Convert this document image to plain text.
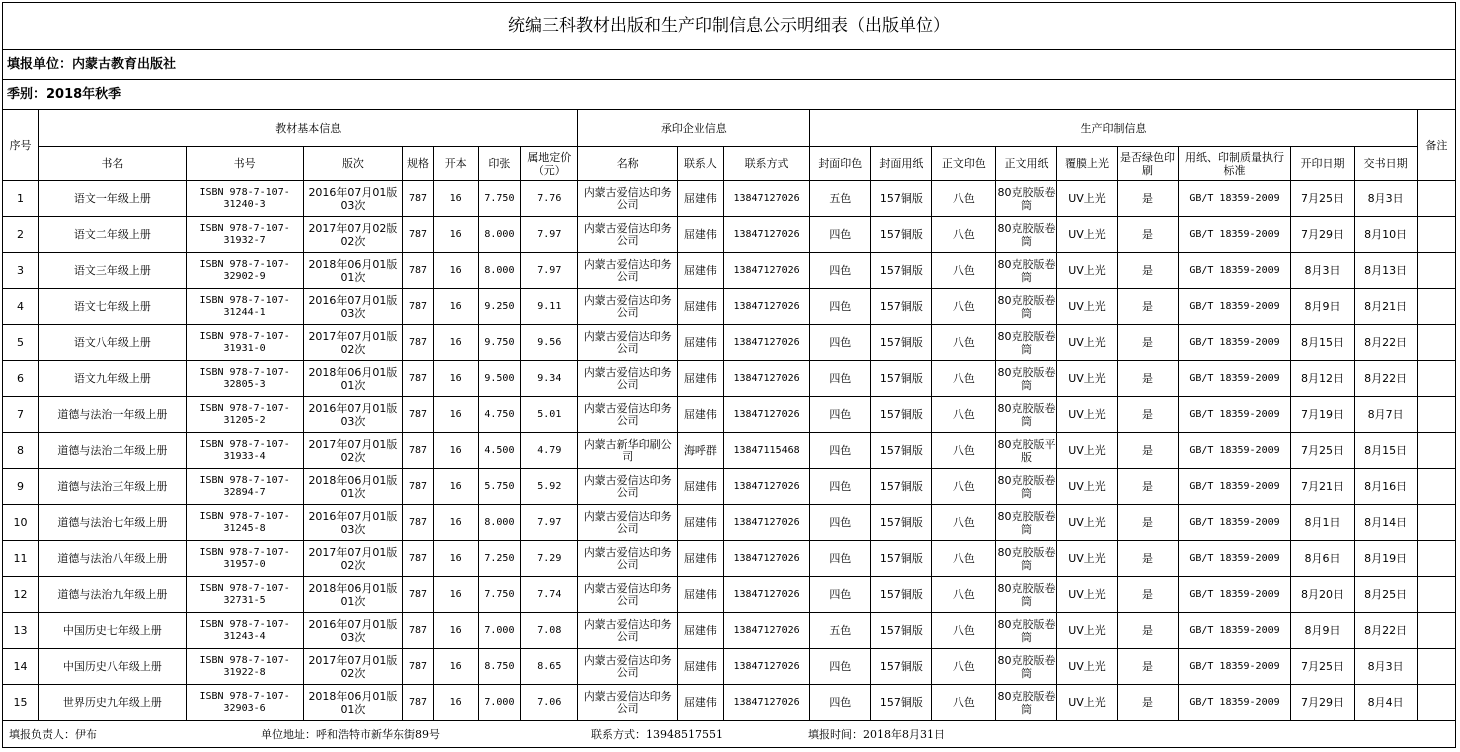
统编三科教材出版和生产印制信息公示明细表（出版单位）
填报单位：内蒙古教育出版社
季别：2018年秋季
序号	教材基本信息							承印企业信息			生产印制信息									备注
	书名	书号	版次	规格	开本	印张	属地定价（元）	名称	联系人	联系方式	封面印色	封面用纸	正文印色	正文用纸	覆膜上光	是否绿色印刷	用纸、印制质量执行标准	开印日期	交书日期	
1	语文一年级上册	ISBN 978-7-107-31240-3	2016年07月01版03次	787	16	7.750	7.76	内蒙古爱信达印务公司	屈建伟	13847127026	五色	157铜版	八色	80克胶版卷筒	UV上光	是	GB/T 18359-2009	7月25日	8月3日	
2	语文二年级上册	ISBN 978-7-107-31932-7	2017年07月02版02次	787	16	8.000	7.97	内蒙古爱信达印务公司	屈建伟	13847127026	四色	157铜版	八色	80克胶版卷筒	UV上光	是	GB/T 18359-2009	7月29日	8月10日	
3	语文三年级上册	ISBN 978-7-107-32902-9	2018年06月01版01次	787	16	8.000	7.97	内蒙古爱信达印务公司	屈建伟	13847127026	四色	157铜版	八色	80克胶版卷筒	UV上光	是	GB/T 18359-2009	8月3日	8月13日	
4	语文七年级上册	ISBN 978-7-107-31244-1	2016年07月01版03次	787	16	9.250	9.11	内蒙古爱信达印务公司	屈建伟	13847127026	四色	157铜版	八色	80克胶版卷筒	UV上光	是	GB/T 18359-2009	8月9日	8月21日	
5	语文八年级上册	ISBN 978-7-107-31931-0	2017年07月01版02次	787	16	9.750	9.56	内蒙古爱信达印务公司	屈建伟	13847127026	四色	157铜版	八色	80克胶版卷筒	UV上光	是	GB/T 18359-2009	8月15日	8月22日	
6	语文九年级上册	ISBN 978-7-107-32805-3	2018年06月01版01次	787	16	9.500	9.34	内蒙古爱信达印务公司	屈建伟	13847127026	四色	157铜版	八色	80克胶版卷筒	UV上光	是	GB/T 18359-2009	8月12日	8月22日	
7	道德与法治一年级上册	ISBN 978-7-107-31205-2	2016年07月01版03次	787	16	4.750	5.01	内蒙古爱信达印务公司	屈建伟	13847127026	四色	157铜版	八色	80克胶版卷筒	UV上光	是	GB/T 18359-2009	7月19日	8月7日	
8	道德与法治二年级上册	ISBN 978-7-107-31933-4	2017年07月01版02次	787	16	4.500	4.79	内蒙古新华印刷公司	海呼群	13847115468	四色	157铜版	八色	80克胶版平版	UV上光	是	GB/T 18359-2009	7月25日	8月15日	
9	道德与法治三年级上册	ISBN 978-7-107-32894-7	2018年06月01版01次	787	16	5.750	5.92	内蒙古爱信达印务公司	屈建伟	13847127026	四色	157铜版	八色	80克胶版卷筒	UV上光	是	GB/T 18359-2009	7月21日	8月16日	
10	道德与法治七年级上册	ISBN 978-7-107-31245-8	2016年07月01版03次	787	16	8.000	7.97	内蒙古爱信达印务公司	屈建伟	13847127026	四色	157铜版	八色	80克胶版卷筒	UV上光	是	GB/T 18359-2009	8月1日	8月14日	
11	道德与法治八年级上册	ISBN 978-7-107-31957-0	2017年07月01版02次	787	16	7.250	7.29	内蒙古爱信达印务公司	屈建伟	13847127026	四色	157铜版	八色	80克胶版卷筒	UV上光	是	GB/T 18359-2009	8月6日	8月19日	
12	道德与法治九年级上册	ISBN 978-7-107-32731-5	2018年06月01版01次	787	16	7.750	7.74	内蒙古爱信达印务公司	屈建伟	13847127026	四色	157铜版	八色	80克胶版卷筒	UV上光	是	GB/T 18359-2009	8月20日	8月25日	
13	中国历史七年级上册	ISBN 978-7-107-31243-4	2016年07月01版03次	787	16	7.000	7.08	内蒙古爱信达印务公司	屈建伟	13847127026	五色	157铜版	八色	80克胶版卷筒	UV上光	是	GB/T 18359-2009	8月9日	8月22日	
14	中国历史八年级上册	ISBN 978-7-107-31922-8	2017年07月01版02次	787	16	8.750	8.65	内蒙古爱信达印务公司	屈建伟	13847127026	四色	157铜版	八色	80克胶版卷筒	UV上光	是	GB/T 18359-2009	7月25日	8月3日	
15	世界历史九年级上册	ISBN 978-7-107-32903-6	2018年06月01版01次	787	16	7.000	7.06	内蒙古爱信达印务公司	屈建伟	13847127026	四色	157铜版	八色	80克胶版卷筒	UV上光	是	GB/T 18359-2009	7月29日	8月4日	
填报负责人：伊布	单位地址：呼和浩特市新华东街89号	联系方式：13948517551	填报时间：2018年8月31日
